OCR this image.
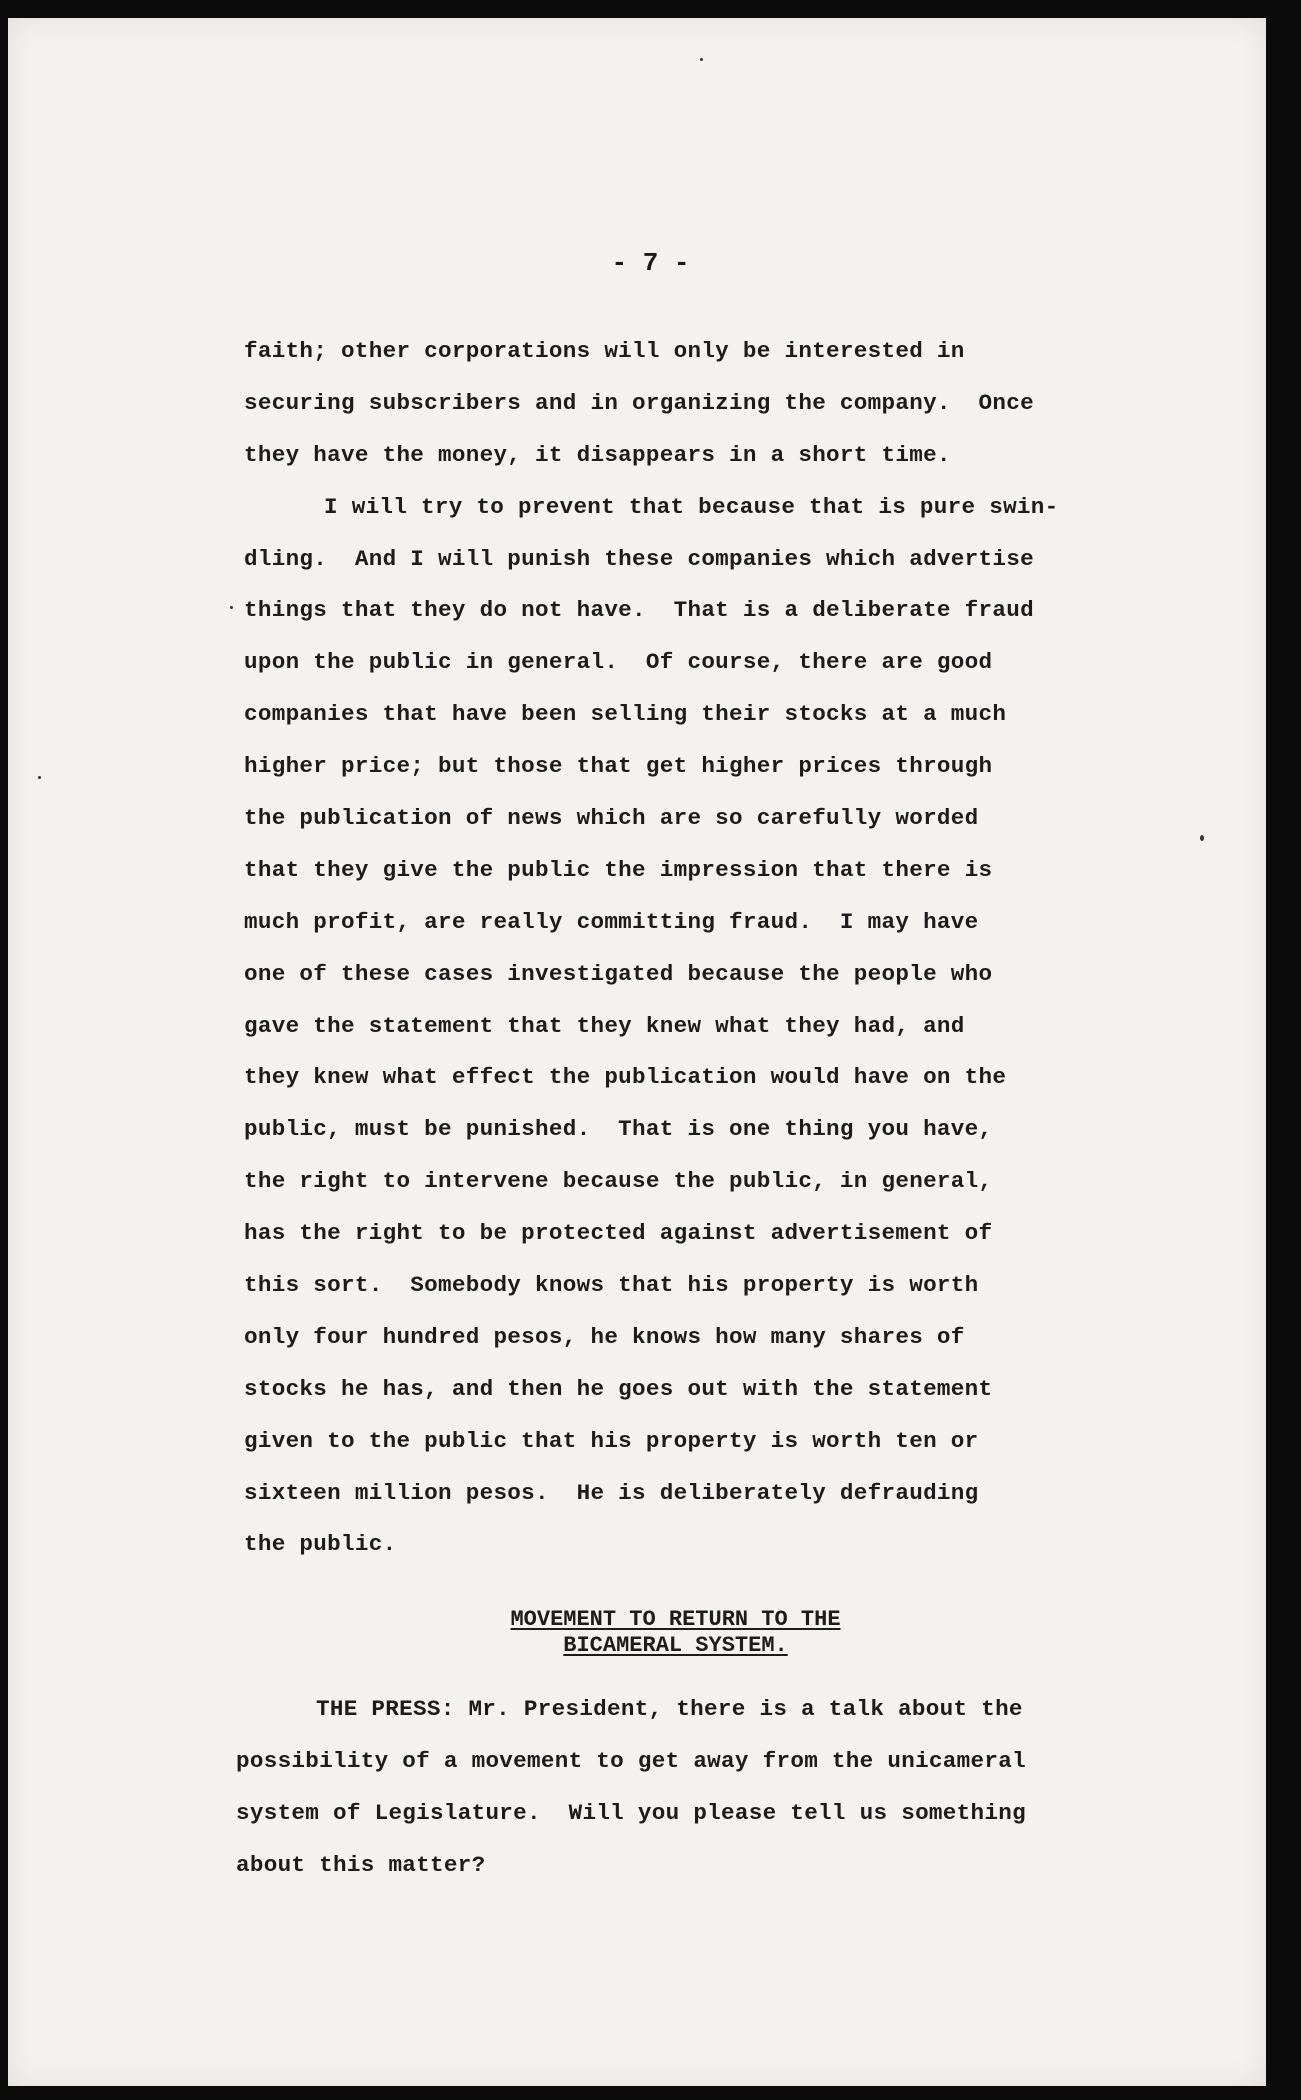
- 7 -
faith; other corporations will only be interested in
securing subscribers and in organizing the company.  Once
they have the money, it disappears in a short time.
I will try to prevent that because that is pure swin-
dling.  And I will punish these companies which advertise
things that they do not have.  That is a deliberate fraud
upon the public in general.  Of course, there are good
companies that have been selling their stocks at a much
higher price; but those that get higher prices through
the publication of news which are so carefully worded
that they give the public the impression that there is
much profit, are really committing fraud.  I may have
one of these cases investigated because the people who
gave the statement that they knew what they had, and
they knew what effect the publication would have on the
public, must be punished.  That is one thing you have,
the right to intervene because the public, in general,
has the right to be protected against advertisement of
this sort.  Somebody knows that his property is worth
only four hundred pesos, he knows how many shares of
stocks he has, and then he goes out with the statement
given to the public that his property is worth ten or
sixteen million pesos.  He is deliberately defrauding
the public.
MOVEMENT TO RETURN TO THE
BICAMERAL SYSTEM.
THE PRESS: Mr. President, there is a talk about the
possibility of a movement to get away from the unicameral
system of Legislature.  Will you please tell us something
about this matter?
